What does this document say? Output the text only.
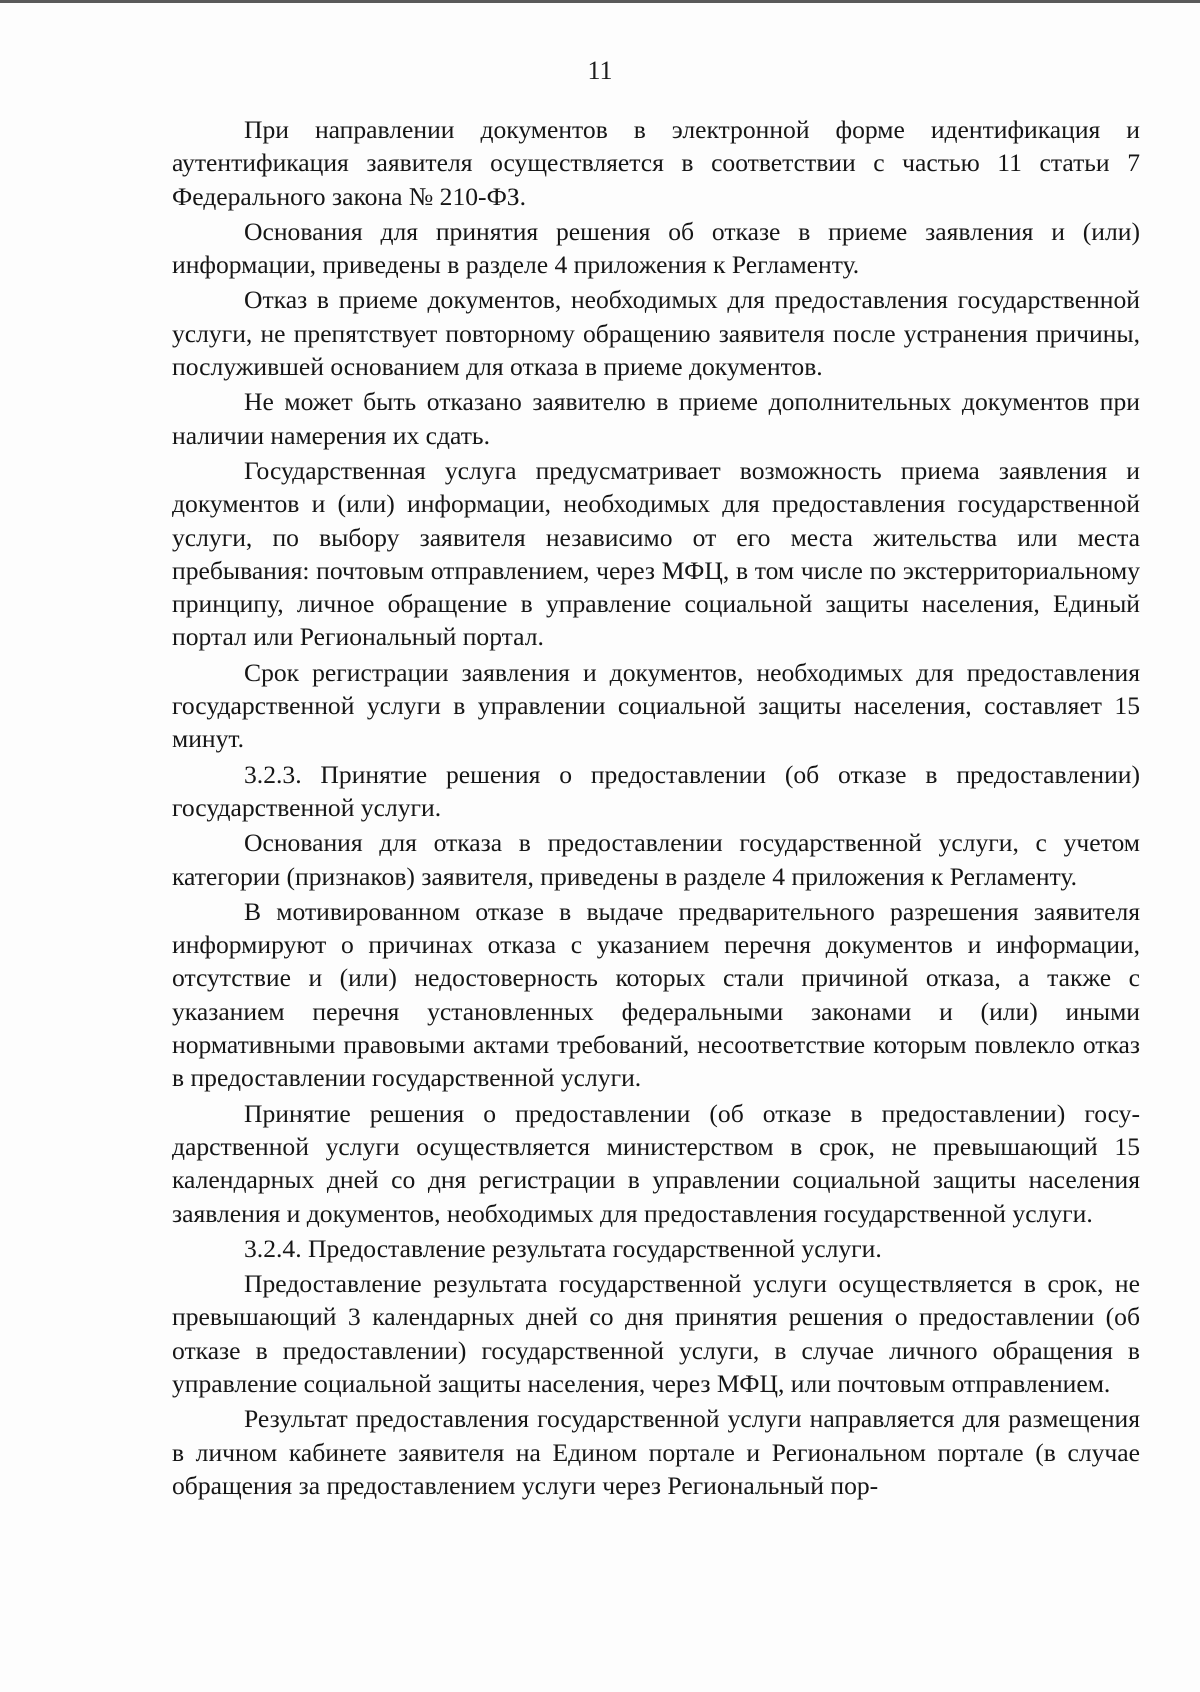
11

При направлении документов в электронной форме идентификация и аутентификация заявителя осуществляется в соответствии с частью 11 статьи 7 Федерального закона № 210-ФЗ.

Основания для принятия решения об отказе в приеме заявления и (или) информации, приведены в разделе 4 приложения к Регламенту.

Отказ в приеме документов, необходимых для предоставления государственной услуги, не препятствует повторному обращению заявителя после устранения причины, послужившей основанием для отказа в приеме документов.

Не может быть отказано заявителю в приеме дополнительных документов при наличии намерения их сдать.

Государственная услуга предусматривает возможность приема заявления и документов и (или) информации, необходимых для предоставления государственной услуги, по выбору заявителя независимо от его места жительства или места пребывания: почтовым отправлением, через МФЦ, в том числе по экстерриториальному принципу, личное обращение в управление социальной защиты населения, Единый портал или Региональный портал.

Срок регистрации заявления и документов, необходимых для предоставления государственной услуги в управлении социальной защиты населения, составляет 15 минут.

3.2.3. Принятие решения о предоставлении (об отказе в предоставлении) государственной услуги.

Основания для отказа в предоставлении государственной услуги, с учетом категории (признаков) заявителя, приведены в разделе 4 приложения к Регламенту.

В мотивированном отказе в выдаче предварительного разрешения заявителя информируют о причинах отказа с указанием перечня документов и информации, отсутствие и (или) недостоверность которых стали причиной отказа, а также с указанием перечня установленных федеральными законами и (или) иными нормативными правовыми актами требований, несоответствие которым повлекло отказ в предоставлении государственной услуги.

Принятие решения о предоставлении (об отказе в предоставлении) государственной услуги осуществляется министерством в срок, не превышающий 15 календарных дней со дня регистрации в управлении социальной защиты населения заявления и документов, необходимых для предоставления государственной услуги.

3.2.4. Предоставление результата государственной услуги.

Предоставление результата государственной услуги осуществляется в срок, не превышающий 3 календарных дней со дня принятия решения о предоставлении (об отказе в предоставлении) государственной услуги, в случае личного обращения в управление социальной защиты населения, через МФЦ, или почтовым отправлением.

Результат предоставления государственной услуги направляется для размещения в личном кабинете заявителя на Едином портале и Региональном портале (в случае обращения за предоставлением услуги через Региональный пор-
